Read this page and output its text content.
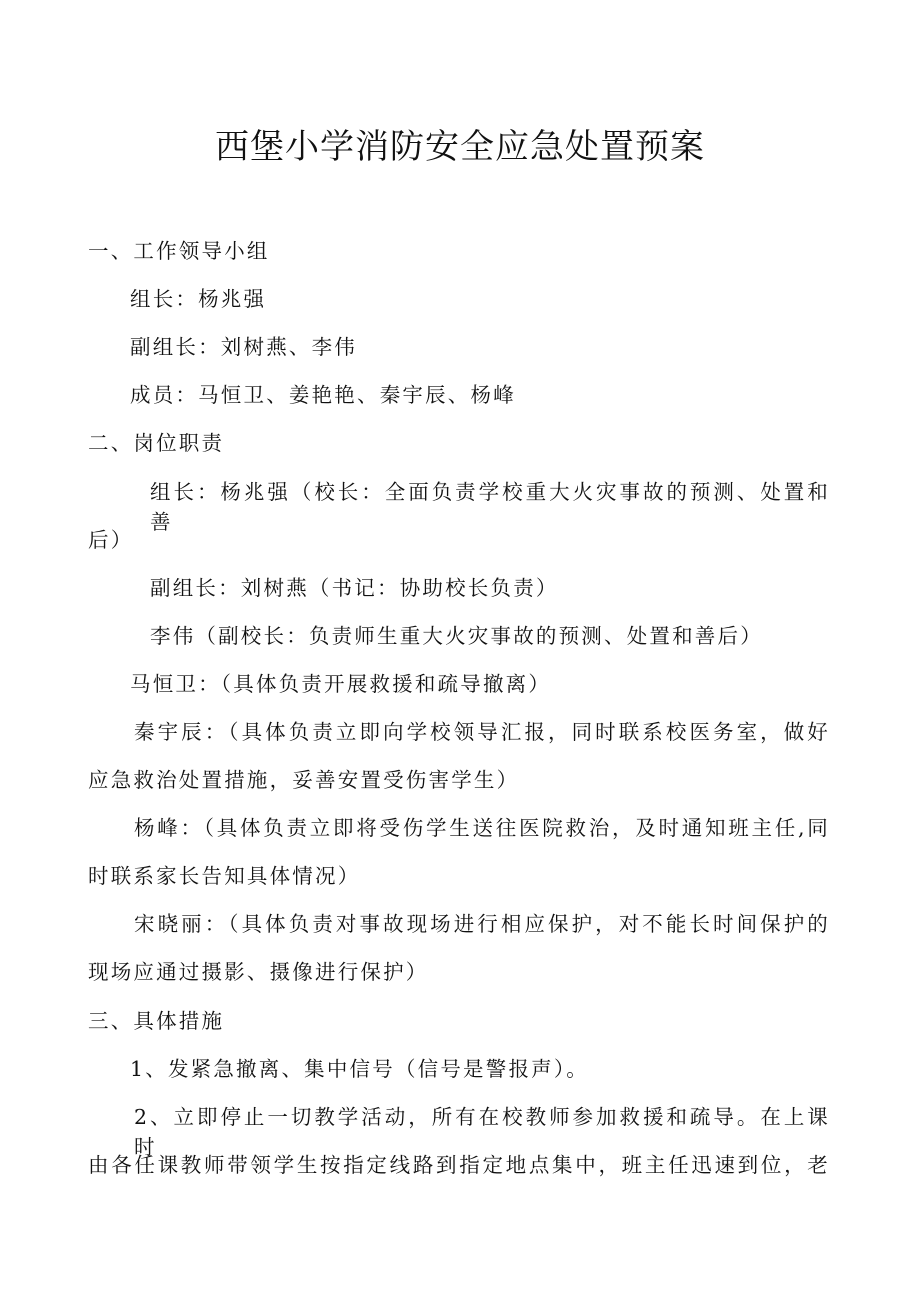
西堡小学消防安全应急处置预案

一、工作领导小组

组长：杨兆强

副组长：刘树燕、李伟

成员：马恒卫、姜艳艳、秦宇辰、杨峰

二、岗位职责

组长：杨兆强（校长：全面负责学校重大火灾事故的预测、处置和善

后）

副组长：刘树燕（书记：协助校长负责）

李伟（副校长：负责师生重大火灾事故的预测、处置和善后）

马恒卫：（具体负责开展救援和疏导撤离）

秦宇辰：（具体负责立即向学校领导汇报，同时联系校医务室，做好

应急救治处置措施，妥善安置受伤害学生）

杨峰：（具体负责立即将受伤学生送往医院救治，及时通知班主任,同

时联系家长告知具体情况）

宋晓丽：（具体负责对事故现场进行相应保护，对不能长时间保护的

现场应通过摄影、摄像进行保护）

三、具体措施

1、发紧急撤离、集中信号（信号是警报声）。

2、立即停止一切教学活动，所有在校教师参加救援和疏导。在上课时

由各任课教师带领学生按指定线路到指定地点集中，班主任迅速到位，老
